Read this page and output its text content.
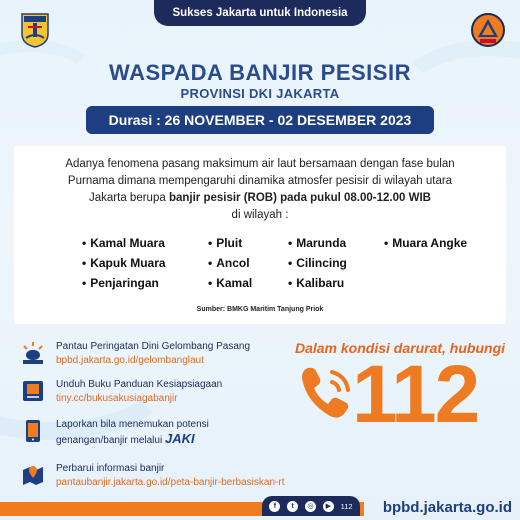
Sukses Jakarta untuk Indonesia
WASPADA BANJIR PESISIR
PROVINSI DKI JAKARTA
Durasi : 26 NOVEMBER - 02 DESEMBER 2023
Adanya fenomena pasang maksimum air laut bersamaan dengan fase bulan
Purnama dimana mempengaruhi dinamika atmosfer pesisir di wilayah utara
Jakarta berupa banjir pesisir (ROB) pada pukul 08.00-12.00 WIB
di wilayah :
• Kamal Muara
• Kapuk Muara
• Penjaringan
• Pluit
• Ancol
• Kamal
• Marunda
• Cilincing
• Kalibaru
• Muara Angke
Sumber: BMKG Maritim Tanjung Priok
Pantau Peringatan Dini Gelombang Pasang
bpbd.jakarta.go.id/gelombanglaut
Unduh Buku Panduan Kesiapsiagaan
tiny.cc/bukusakusiagabanjir
Laporkan bila menemukan potensi
genangan/banjir melalui JAKI
Perbarui informasi banjir
pantaubanjir.jakarta.go.id/peta-banjir-berbasiskan-rt
Dalam kondisi darurat, hubungi
112
f	t	◎	▶	112 bpbd.jakarta.go.id
